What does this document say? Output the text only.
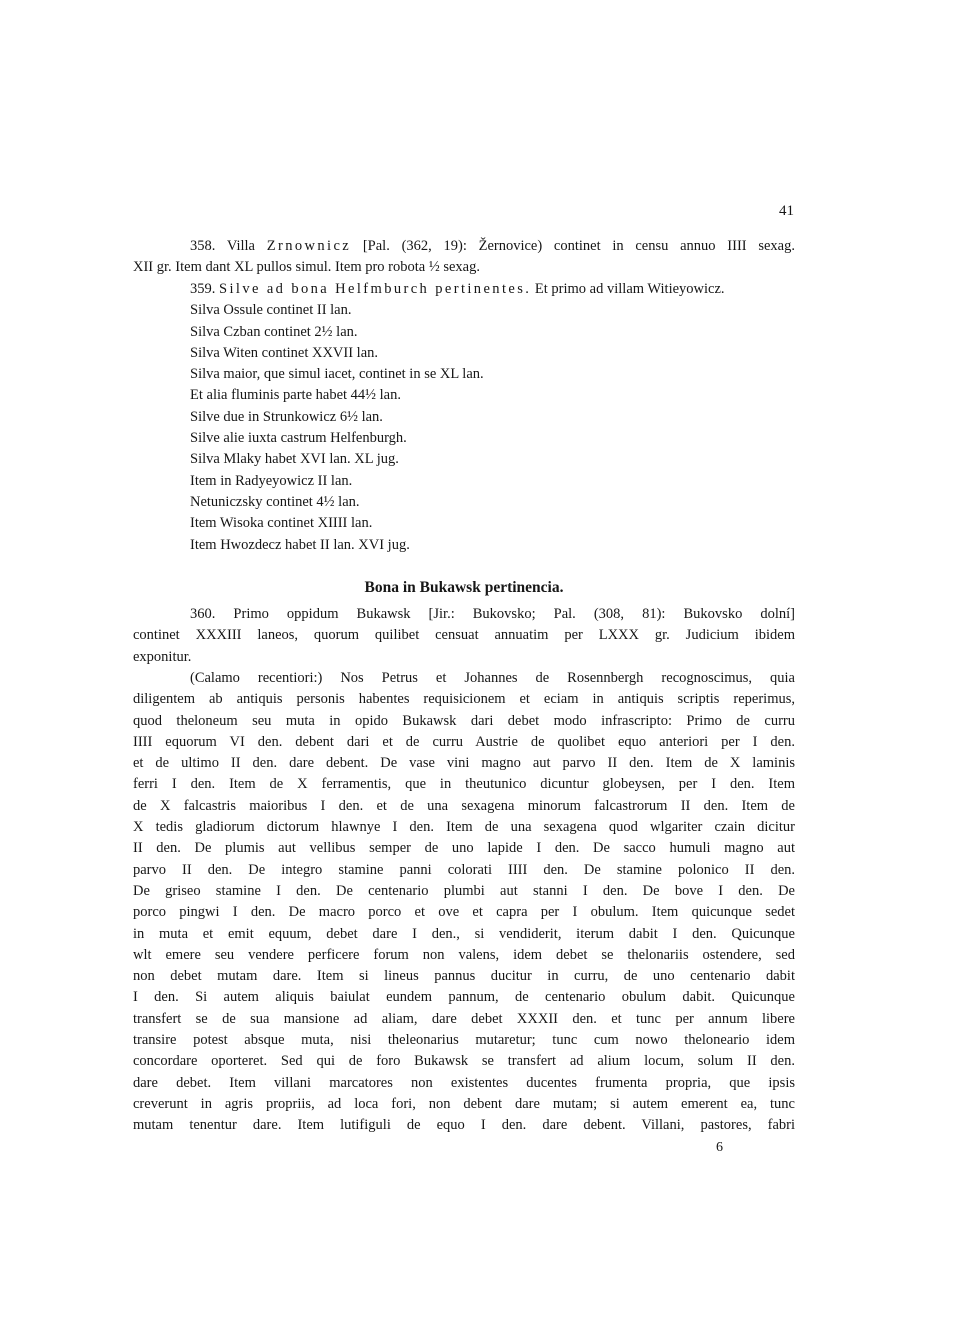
41
358. Villa Zrnownicz [Pal. (362, 19): Žernovice) continet in censu annuo IIII sexag.
XII gr. Item dant XL pullos simul. Item pro robota ½ sexag.
359. Silve ad bona Helfmburch pertinentes. Et primo ad villam Witieyowicz.
Silva Ossule continet II lan.
Silva Czban continet 2½ lan.
Silva Witen continet XXVII lan.
Silva maior, que simul iacet, continet in se XL lan.
Et alia fluminis parte habet 44½ lan.
Silve due in Strunkowicz 6½ lan.
Silve alie iuxta castrum Helfenburgh.
Silva Mlaky habet XVI lan. XL jug.
Item in Radyeyowicz II lan.
Netuniczsky continet 4½ lan.
Item Wisoka continet XIIII lan.
Item Hwozdecz habet II lan. XVI jug.
Bona in Bukawsk pertinencia.
360. Primo oppidum Bukawsk [Jir.: Bukovsko; Pal. (308, 81): Bukovsko dolní]
continet XXXIII laneos, quorum quilibet censuat annuatim per LXXX gr. Judicium ibidem
exponitur.
(Calamo recentiori:) Nos Petrus et Johannes de Rosennbergh recognoscimus, quia
diligentem ab antiquis personis habentes requisicionem et eciam in antiquis scriptis reperimus,
quod theloneum seu muta in opido Bukawsk dari debet modo infrascripto: Primo de curru
IIII equorum VI den. debent dari et de curru Austrie de quolibet equo anteriori per I den.
et de ultimo II den. dare debent. De vase vini magno aut parvo II den. Item de X laminis
ferri I den. Item de X ferramentis, que in theutunico dicuntur globeysen, per I den. Item
de X falcastris maioribus I den. et de una sexagena minorum falcastrorum II den. Item de
X tedis gladiorum dictorum hlawnye I den. Item de una sexagena quod wlgariter czain dicitur
II den. De plumis aut vellibus semper de uno lapide I den. De sacco humuli magno aut
parvo II den. De integro stamine panni colorati IIII den. De stamine polonico II den.
De griseo stamine I den. De centenario plumbi aut stanni I den. De bove I den. De
porco pingwi I den. De macro porco et ove et capra per I obulum. Item quicunque sedet
in muta et emit equum, debet dare I den., si vendiderit, iterum dabit I den. Quicunque
wlt emere seu vendere perficere forum non valens, idem debet se thelonariis ostendere, sed
non debet mutam dare. Item si lineus pannus ducitur in curru, de uno centenario dabit
I den. Si autem aliquis baiulat eundem pannum, de centenario obulum dabit. Quicunque
transfert se de sua mansione ad aliam, dare debet XXXII den. et tunc per annum libere
transire potest absque muta, nisi theleonarius mutaretur; tunc cum nowo theloneario idem
concordare oporteret. Sed qui de foro Bukawsk se transfert ad alium locum, solum II den.
dare debet. Item villani marcatores non existentes ducentes frumenta propria, que ipsis
creverunt in agris propriis, ad loca fori, non debent dare mutam; si autem emerent ea, tunc
mutam tenentur dare. Item lutifiguli de equo I den. dare debent. Villani, pastores, fabri
6
